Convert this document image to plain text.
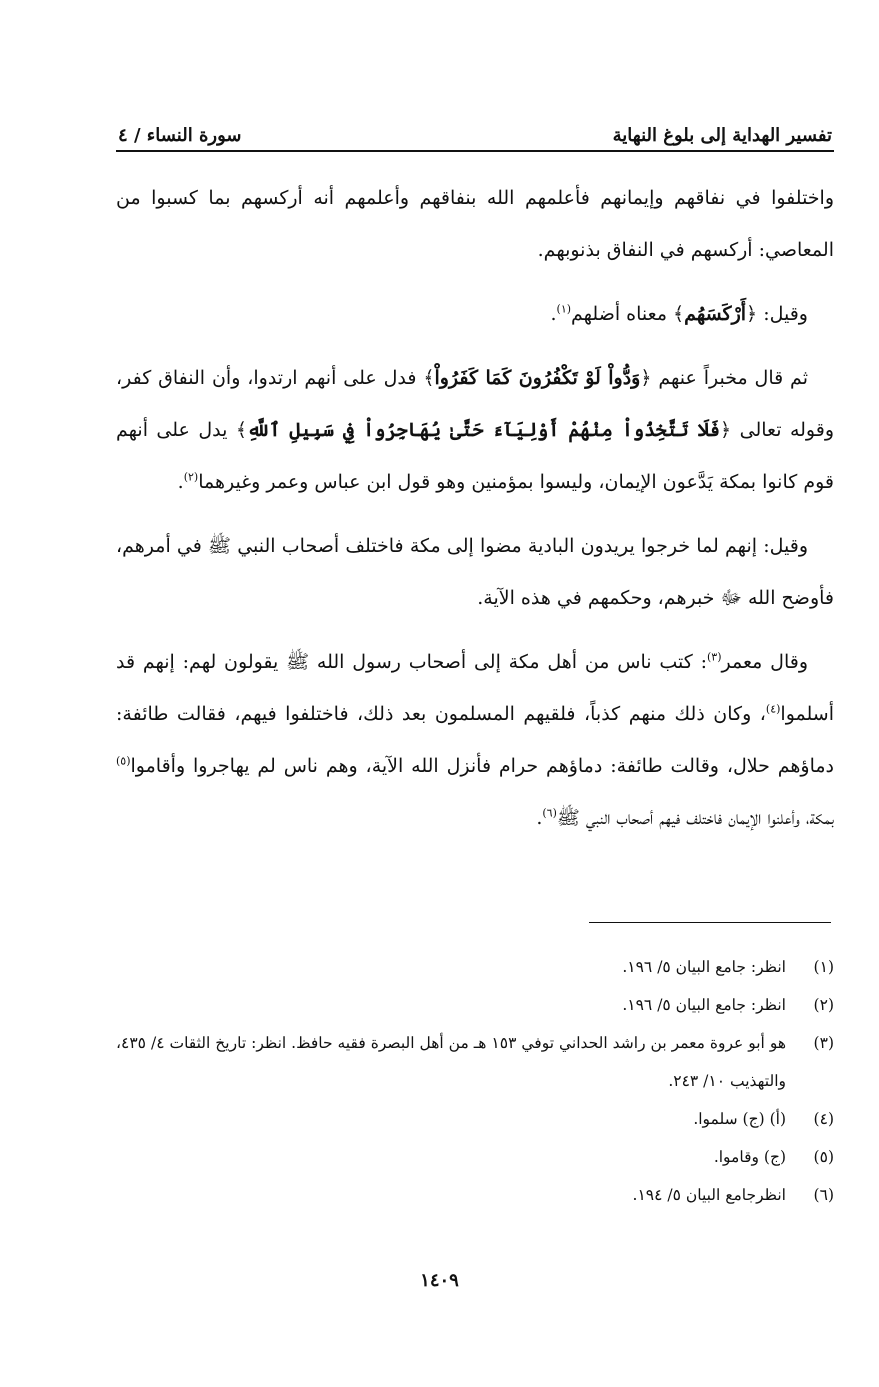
تفسير الهداية إلى بلوغ النهاية
سورة النساء / ٤

واختلفوا في نفاقهم وإيمانهم فأعلمهم الله بنفاقهم وأعلمهم أنه أركسهم بما كسبوا من المعاصي: أركسهم في النفاق بذنوبهم.

وقيل: ﴿أَرْكَسَهُم﴾ معناه أضلهم$^{(١)}$.

ثم قال مخبراً عنهم ﴿وَدُّواْ لَوْ تَكْفُرُونَ كَمَا كَفَرُواْ﴾ فدل على أنهم ارتدوا، وأن النفاق كفر، وقوله تعالى ﴿فَلَا تَتَّخِذُواْ مِنْهُمْ أَوْلِيَآءَ حَتَّىٰ يُهَاجِرُواْ فِي سَبِيلِ ٱللَّهِ﴾ يدل على أنهم قوم كانوا بمكة يَدَّعون الإيمان، وليسوا بمؤمنين وهو قول ابن عباس وعمر وغيرهما$^{(٢)}$.

وقيل: إنهم لما خرجوا يريدون البادية مضوا إلى مكة فاختلف أصحاب النبي ﷺ في أمرهم، فأوضح الله ﷻ خبرهم، وحكمهم في هذه الآية.

وقال معمر$^{(٣)}$: كتب ناس من أهل مكة إلى أصحاب رسول الله ﷺ يقولون لهم: إنهم قد أسلموا$^{(٤)}$، وكان ذلك منهم كذباً، فلقيهم المسلمون بعد ذلك، فاختلفوا فيهم، فقالت طائفة: دماؤهم حلال، وقالت طائفة: دماؤهم حرام فأنزل الله الآية، وهم ناس لم يهاجروا وأقاموا$^{(٥)}$ بمكة، وأعلنوا الإيمان فاختلف فيهم أصحاب النبي ﷺ$^{(٦)}$.

(١)
انظر: جامع البيان ٥/ ١٩٦.
(٢)
انظر: جامع البيان ٥/ ١٩٦.
(٣)
هو أبو عروة معمر بن راشد الحداني توفي ١٥٣ هـ من أهل البصرة فقيه حافظ. انظر: تاريخ الثقات ٤/ ٤٣٥، والتهذيب ١٠/ ٢٤٣.
(٤)
(أ) (ج) سلموا.
(٥)
(ج) وقاموا.
(٦)
انظرجامع البيان ٥/ ١٩٤.
١٤٠٩
